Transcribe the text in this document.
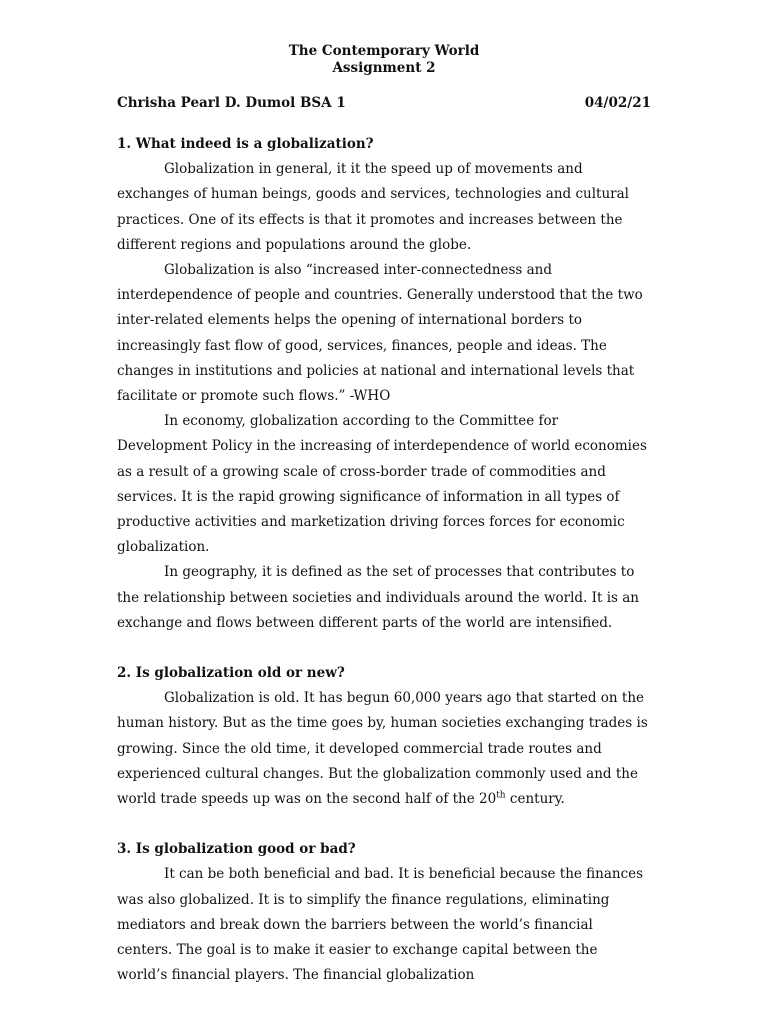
The Contemporary World
Assignment 2
Chrisha Pearl D. Dumol BSA 1	04/02/21

1. What indeed is a globalization?

Globalization in general, it it the speed up of movements and exchanges of human beings, goods and services, technologies and cultural practices. One of its effects is that it promotes and increases between the different regions and populations around the globe.

Globalization is also “increased inter-connectedness and interdependence of people and countries. Generally understood that the two inter-related elements helps the opening of international borders to increasingly fast flow of good, services, finances, people and ideas. The changes in institutions and policies at national and international levels that facilitate or promote such flows.” -WHO

In economy, globalization according to the Committee for Development Policy in the increasing of interdependence of world economies as a result of a growing scale of cross-border trade of commodities and services. It is the rapid growing significance of information in all types of productive activities and marketization driving forces forces for economic globalization.

In geography, it is defined as the set of processes that contributes to the relationship between societies and individuals around the world. It is an exchange and flows between different parts of the world are intensified.

2. Is globalization old or new?

Globalization is old. It has begun 60,000 years ago that started on the human history. But as the time goes by, human societies exchanging trades is growing. Since the old time, it developed commercial trade routes and experienced cultural changes. But the globalization commonly used and the world trade speeds up was on the second half of the 20th century.

3. Is globalization good or bad?

It can be both beneficial and bad. It is beneficial because the finances was also globalized. It is to simplify the finance regulations, eliminating mediators and break down the barriers between the world’s financial centers. The goal is to make it easier to exchange capital between the world’s financial players. The financial globalization
